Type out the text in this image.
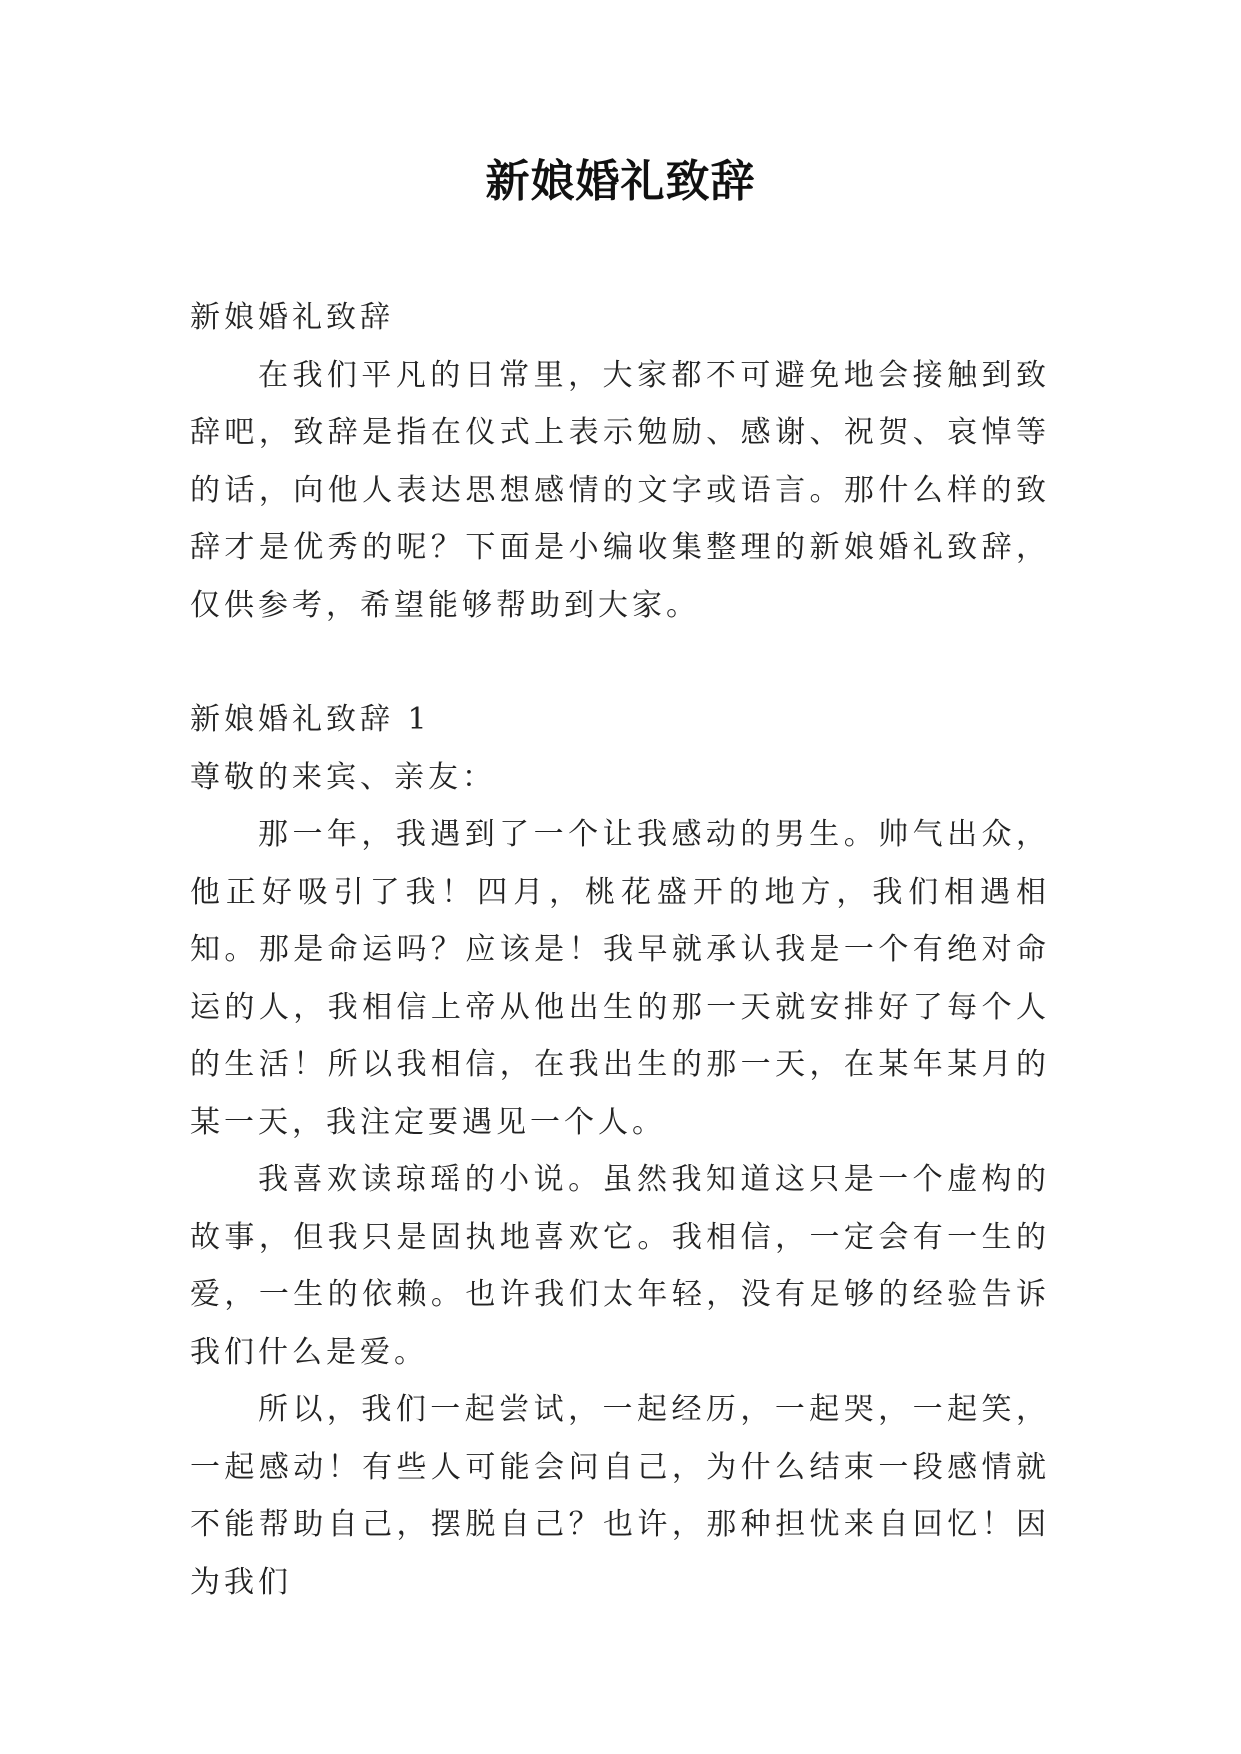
新娘婚礼致辞

新娘婚礼致辞

在我们平凡的日常里，大家都不可避免地会接触到致辞吧，致辞是指在仪式上表示勉励、感谢、祝贺、哀悼等的话，向他人表达思想感情的文字或语言。那什么样的致辞才是优秀的呢？下面是小编收集整理的新娘婚礼致辞，仅供参考，希望能够帮助到大家。

新娘婚礼致辞 1

尊敬的来宾、亲友：

那一年，我遇到了一个让我感动的男生。帅气出众，他正好吸引了我！四月，桃花盛开的地方，我们相遇相知。那是命运吗？应该是！我早就承认我是一个有绝对命运的人，我相信上帝从他出生的那一天就安排好了每个人的生活！所以我相信，在我出生的那一天，在某年某月的某一天，我注定要遇见一个人。

我喜欢读琼瑶的小说。虽然我知道这只是一个虚构的故事，但我只是固执地喜欢它。我相信，一定会有一生的爱，一生的依赖。也许我们太年轻，没有足够的经验告诉我们什么是爱。

所以，我们一起尝试，一起经历，一起哭，一起笑，一起感动！有些人可能会问自己，为什么结束一段感情就不能帮助自己，摆脱自己？也许，那种担忧来自回忆！因为我们
